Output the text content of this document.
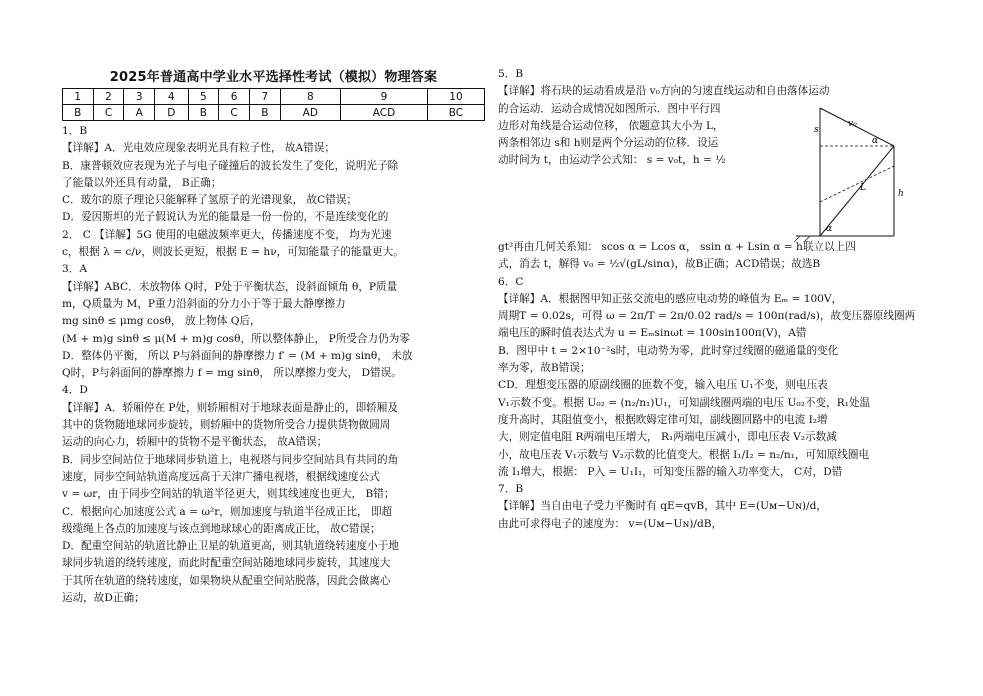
2025年普通高中学业水平选择性考试（模拟）物理答案
1	2	3	4	5	6	7	8	9	10
B	C	A	D	B	C	B	AD	ACD	BC

1．B

【详解】A．光电效应现象表明光具有粒子性， 故A错误；

B．康普顿效应表现为光子与电子碰撞后的波长发生了变化，说明光子除

了能量以外还具有动量， B正确；

C．玻尔的原子理论只能解释了氢原子的光谱现象， 故C错误；

D．爱因斯坦的光子假说认为光的能量是一份一份的，不是连续变化的

2． C 【详解】5G 使用的电磁波频率更大，传播速度不变， 均为光速

c，根据 λ = c/ν，则波长更短，根据 E = hν，可知能量子的能量更大。

3．A

【详解】ABC．未放物体 Q时，P处于平衡状态，设斜面倾角 θ，P质量

m，Q质量为 M，P重力沿斜面的分力小于等于最大静摩擦力

mg sinθ ≤ μmg cosθ， 放上物体 Q后，

(M + m)g sinθ ≤ μ(M + m)g cosθ，所以整体静止， P所受合力仍为零

D．整体仍平衡， 所以 P与斜面间的静摩擦力 f′ = (M + m)g sinθ， 未放

Q时，P与斜面间的静摩擦力 f = mg sinθ， 所以摩擦力变大， D错误。

4．D

【详解】A．轿厢停在 P处，则轿厢相对于地球表面是静止的，即轿厢及

其中的货物随地球同步旋转，则轿厢中的货物所受合力提供货物做圆周

运动的向心力，轿厢中的货物不是平衡状态， 故A错误；

B．同步空间站位于地球同步轨道上，电视塔与同步空间站具有共同的角

速度，同步空间站轨道高度远高于天津广播电视塔，根据线速度公式

v = ωr，由于同步空间站的轨道半径更大，则其线速度也更大， B错；

C．根据向心加速度公式 a = ω²r，则加速度与轨道半径成正比， 即超

级缆绳上各点的加速度与该点到地球球心的距离成正比， 故C错误；

D．配重空间站的轨道比静止卫星的轨道更高，则其轨道绕转速度小于地

球同步轨道的绕转速度，而此时配重空间站随地球同步旋转，其速度大

于其所在轨道的绕转速度，如果物块从配重空间站脱落，因此会做离心

运动，故D正确；

5．B

【详解】将石块的运动看成是沿 v₀方向的匀速直线运动和自由落体运动

的合运动．运动合成情况如图所示．图中平行四

边形对角线是合运动位移， 依题意其大小为 L，

两条相邻边 s和 h则是两个分运动的位移．设运

动时间为 t，由运动学公式知： s = v₀t，h = ½

gt²再由几何关系知： scos α = Lcos α， ssin α + Lsin α = h联立以上四

式，消去 t，解得 v₀ = ½√(gL/sinα)，故B正确；ACD错误；故选B

6．C

【详解】A．根据图甲知正弦交流电的感应电动势的峰值为 Eₘ = 100V，

周期T = 0.02s，可得 ω = 2π/T = 2π/0.02 rad/s = 100π(rad/s)，故变压器原线圈两

端电压的瞬时值表达式为 u = Eₘsinωt = 100sin100π(V)，A错

B．图甲中 t = 2×10⁻²s时，电动势为零，此时穿过线圈的磁通量的变化

率为零，故B错误；

CD．理想变压器的原副线圈的匝数不变，输入电压 U₁不变，则电压表

V₁示数不变。根据 U₀₂ = (n₂/n₁)U₁，可知副线圈两端的电压 U₀₂不变，R₁处温

度升高时，其阻值变小，根据欧姆定律可知，副线圈回路中的电流 I₂增

大，则定值电阻 R两端电压增大， R₁两端电压减小，即电压表 V₂示数减

小，故电压表 V₁示数与 V₂示数的比值变大。根据 I₁/I₂ = n₂/n₁，可知原线圈电

流 I₁增大，根据： P入 = U₁I₁，可知变压器的输入功率变大， C对，D错

7．B

【详解】当自由电子受力平衡时有 qE=qvB，其中 E=(Uᴍ−Uɴ)/d，

由此可求得电子的速度为： v=(Uᴍ−Uɴ)/dB，

s
v₀
α
α
L
h
